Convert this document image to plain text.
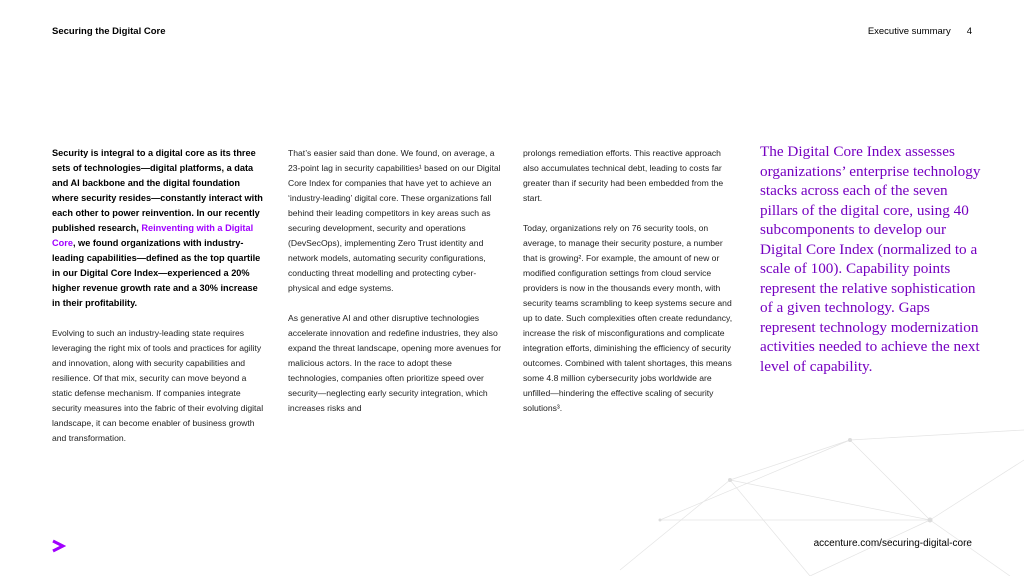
Securing the Digital Core	Executive summary 4

Security is integral to a digital core as its three sets of technologies—digital platforms, a data and AI backbone and the digital foundation where security resides—constantly interact with each other to power reinvention. In our recently published research, Reinventing with a Digital Core, we found organizations with industry-leading capabilities—defined as the top quartile in our Digital Core Index—experienced a 20% higher revenue growth rate and a 30% increase in their profitability.

Evolving to such an industry-leading state requires leveraging the right mix of tools and practices for agility and innovation, along with security capabilities and resilience. Of that mix, security can move beyond a static defense mechanism. If companies integrate security measures into the fabric of their evolving digital landscape, it can become enabler of business growth and transformation.

That’s easier said than done. We found, on average, a 23-point lag in security capabilities¹ based on our Digital Core Index for companies that have yet to achieve an ‘industry-leading’ digital core. These organizations fall behind their leading competitors in key areas such as securing development, security and operations (DevSecOps), implementing Zero Trust identity and network models, automating security configurations, conducting threat modelling and protecting cyber-physical and edge systems.

As generative AI and other disruptive technologies accelerate innovation and redefine industries, they also expand the threat landscape, opening more avenues for malicious actors. In the race to adopt these technologies, companies often prioritize speed over security—neglecting early security integration, which increases risks and

prolongs remediation efforts. This reactive approach also accumulates technical debt, leading to costs far greater than if security had been embedded from the start.

Today, organizations rely on 76 security tools, on average, to manage their security posture, a number that is growing². For example, the amount of new or modified configuration settings from cloud service providers is now in the thousands every month, with security teams scrambling to keep systems secure and up to date. Such complexities often create redundancy, increase the risk of misconfigurations and complicate integration efforts, diminishing the efficiency of security outcomes. Combined with talent shortages, this means some 4.8 million cybersecurity jobs worldwide are unfilled—hindering the effective scaling of security solutions³.

The Digital Core Index assesses organizations’ enterprise technology stacks across each of the seven pillars of the digital core, using 40 subcomponents to develop our Digital Core Index (normalized to a scale of 100). Capability points represent the relative sophistication of a given technology. Gaps represent technology modernization activities needed to achieve the next level of capability.

accenture.com/securing-digital-core
